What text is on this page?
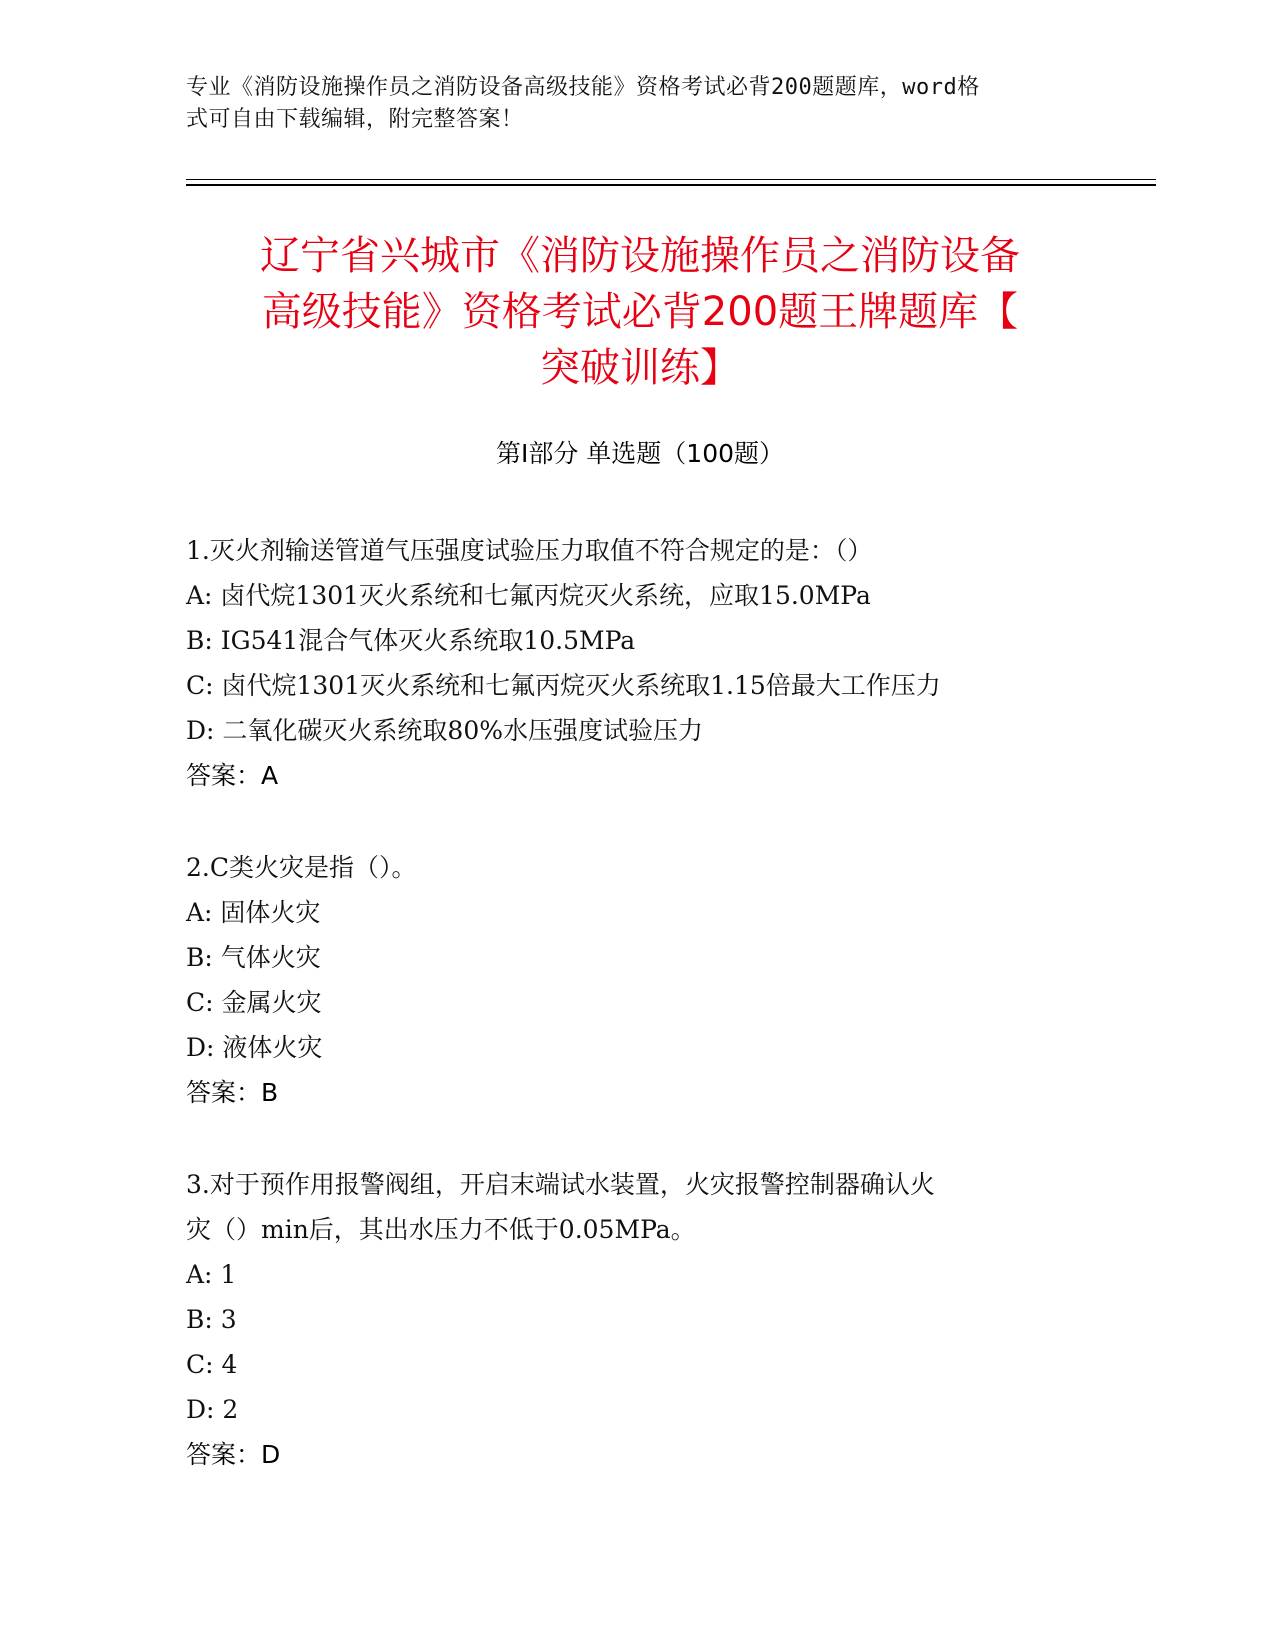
专业《消防设施操作员之消防设备高级技能》资格考试必背200题题库，word格
式可自由下载编辑，附完整答案！
辽宁省兴城市《消防设施操作员之消防设备
高级技能》资格考试必背200题王牌题库【
突破训练】
第Ⅰ部分 单选题（100题）
1.灭火剂输送管道气压强度试验压力取值不符合规定的是：（）
A: 卤代烷1301灭火系统和七氟丙烷灭火系统，应取15.0MPa
B: IG541混合气体灭火系统取10.5MPa
C: 卤代烷1301灭火系统和七氟丙烷灭火系统取1.15倍最大工作压力
D: 二氧化碳灭火系统取80%水压强度试验压力
答案：A
2.C类火灾是指（）。
A: 固体火灾
B: 气体火灾
C: 金属火灾
D: 液体火灾
答案：B
3.对于预作用报警阀组，开启末端试水装置，火灾报警控制器确认火
灾（）min后，其出水压力不低于0.05MPa。
A: 1
B: 3
C: 4
D: 2
答案：D
